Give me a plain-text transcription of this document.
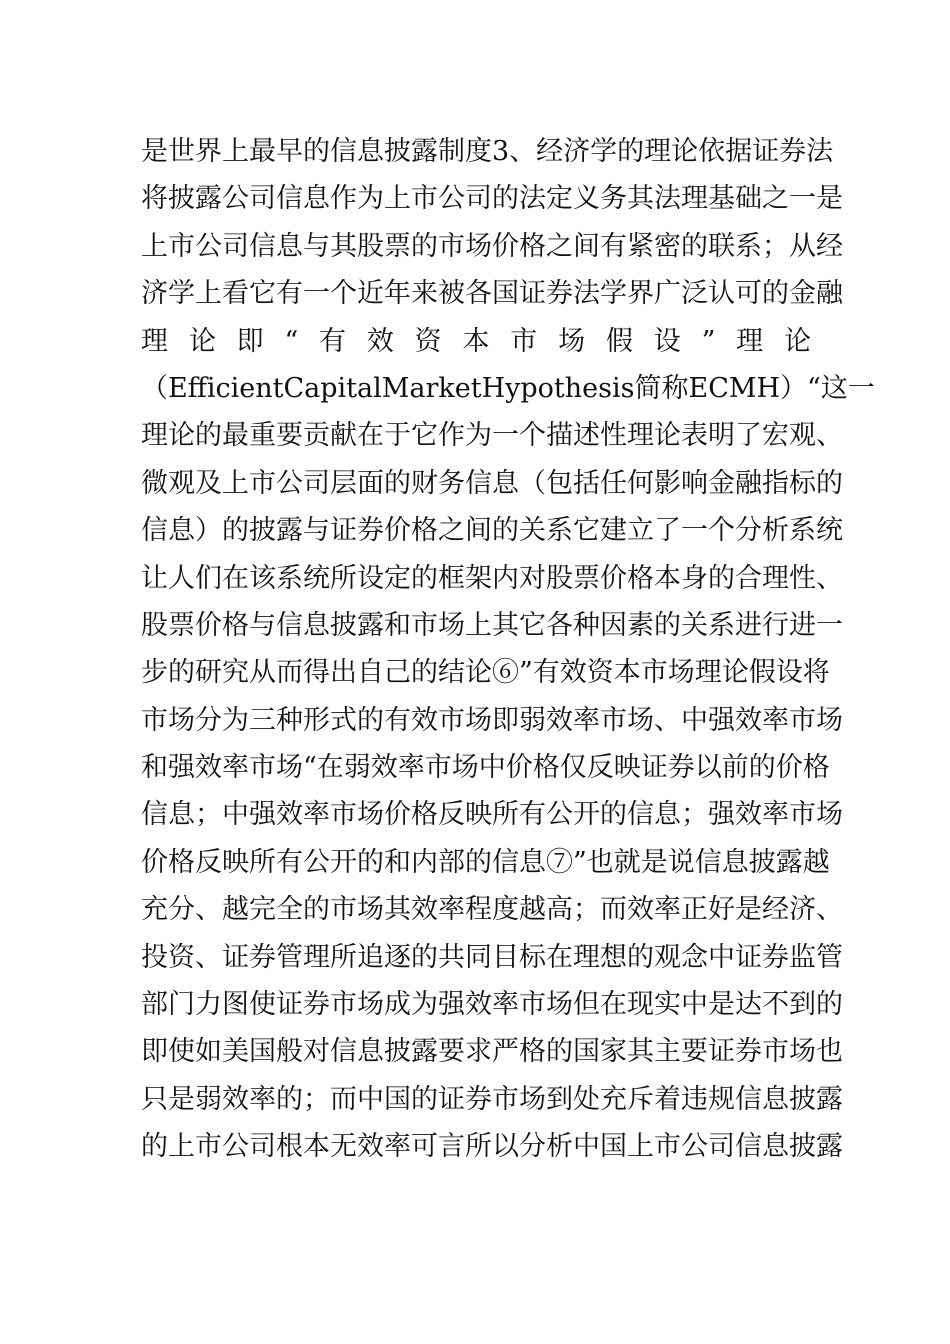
是世界上最早的信息披露制度3、经济学的理论依据证券法
将披露公司信息作为上市公司的法定义务其法理基础之一是
上市公司信息与其股票的市场价格之间有紧密的联系；从经
济学上看它有一个近年来被各国证券法学界广泛认可的金融
理论即“有效资本市场假设”理论
（EfficientCapitalMarketHypothesis简称ECMH）“这一
理论的最重要贡献在于它作为一个描述性理论表明了宏观、
微观及上市公司层面的财务信息（包括任何影响金融指标的
信息）的披露与证券价格之间的关系它建立了一个分析系统
让人们在该系统所设定的框架内对股票价格本身的合理性、
股票价格与信息披露和市场上其它各种因素的关系进行进一
步的研究从而得出自己的结论⑥”有效资本市场理论假设将
市场分为三种形式的有效市场即弱效率市场、中强效率市场
和强效率市场“在弱效率市场中价格仅反映证券以前的价格
信息；中强效率市场价格反映所有公开的信息；强效率市场
价格反映所有公开的和内部的信息⑦”也就是说信息披露越
充分、越完全的市场其效率程度越高；而效率正好是经济、
投资、证券管理所追逐的共同目标在理想的观念中证券监管
部门力图使证券市场成为强效率市场但在现实中是达不到的
即使如美国般对信息披露要求严格的国家其主要证券市场也
只是弱效率的；而中国的证券市场到处充斥着违规信息披露
的上市公司根本无效率可言所以分析中国上市公司信息披露
